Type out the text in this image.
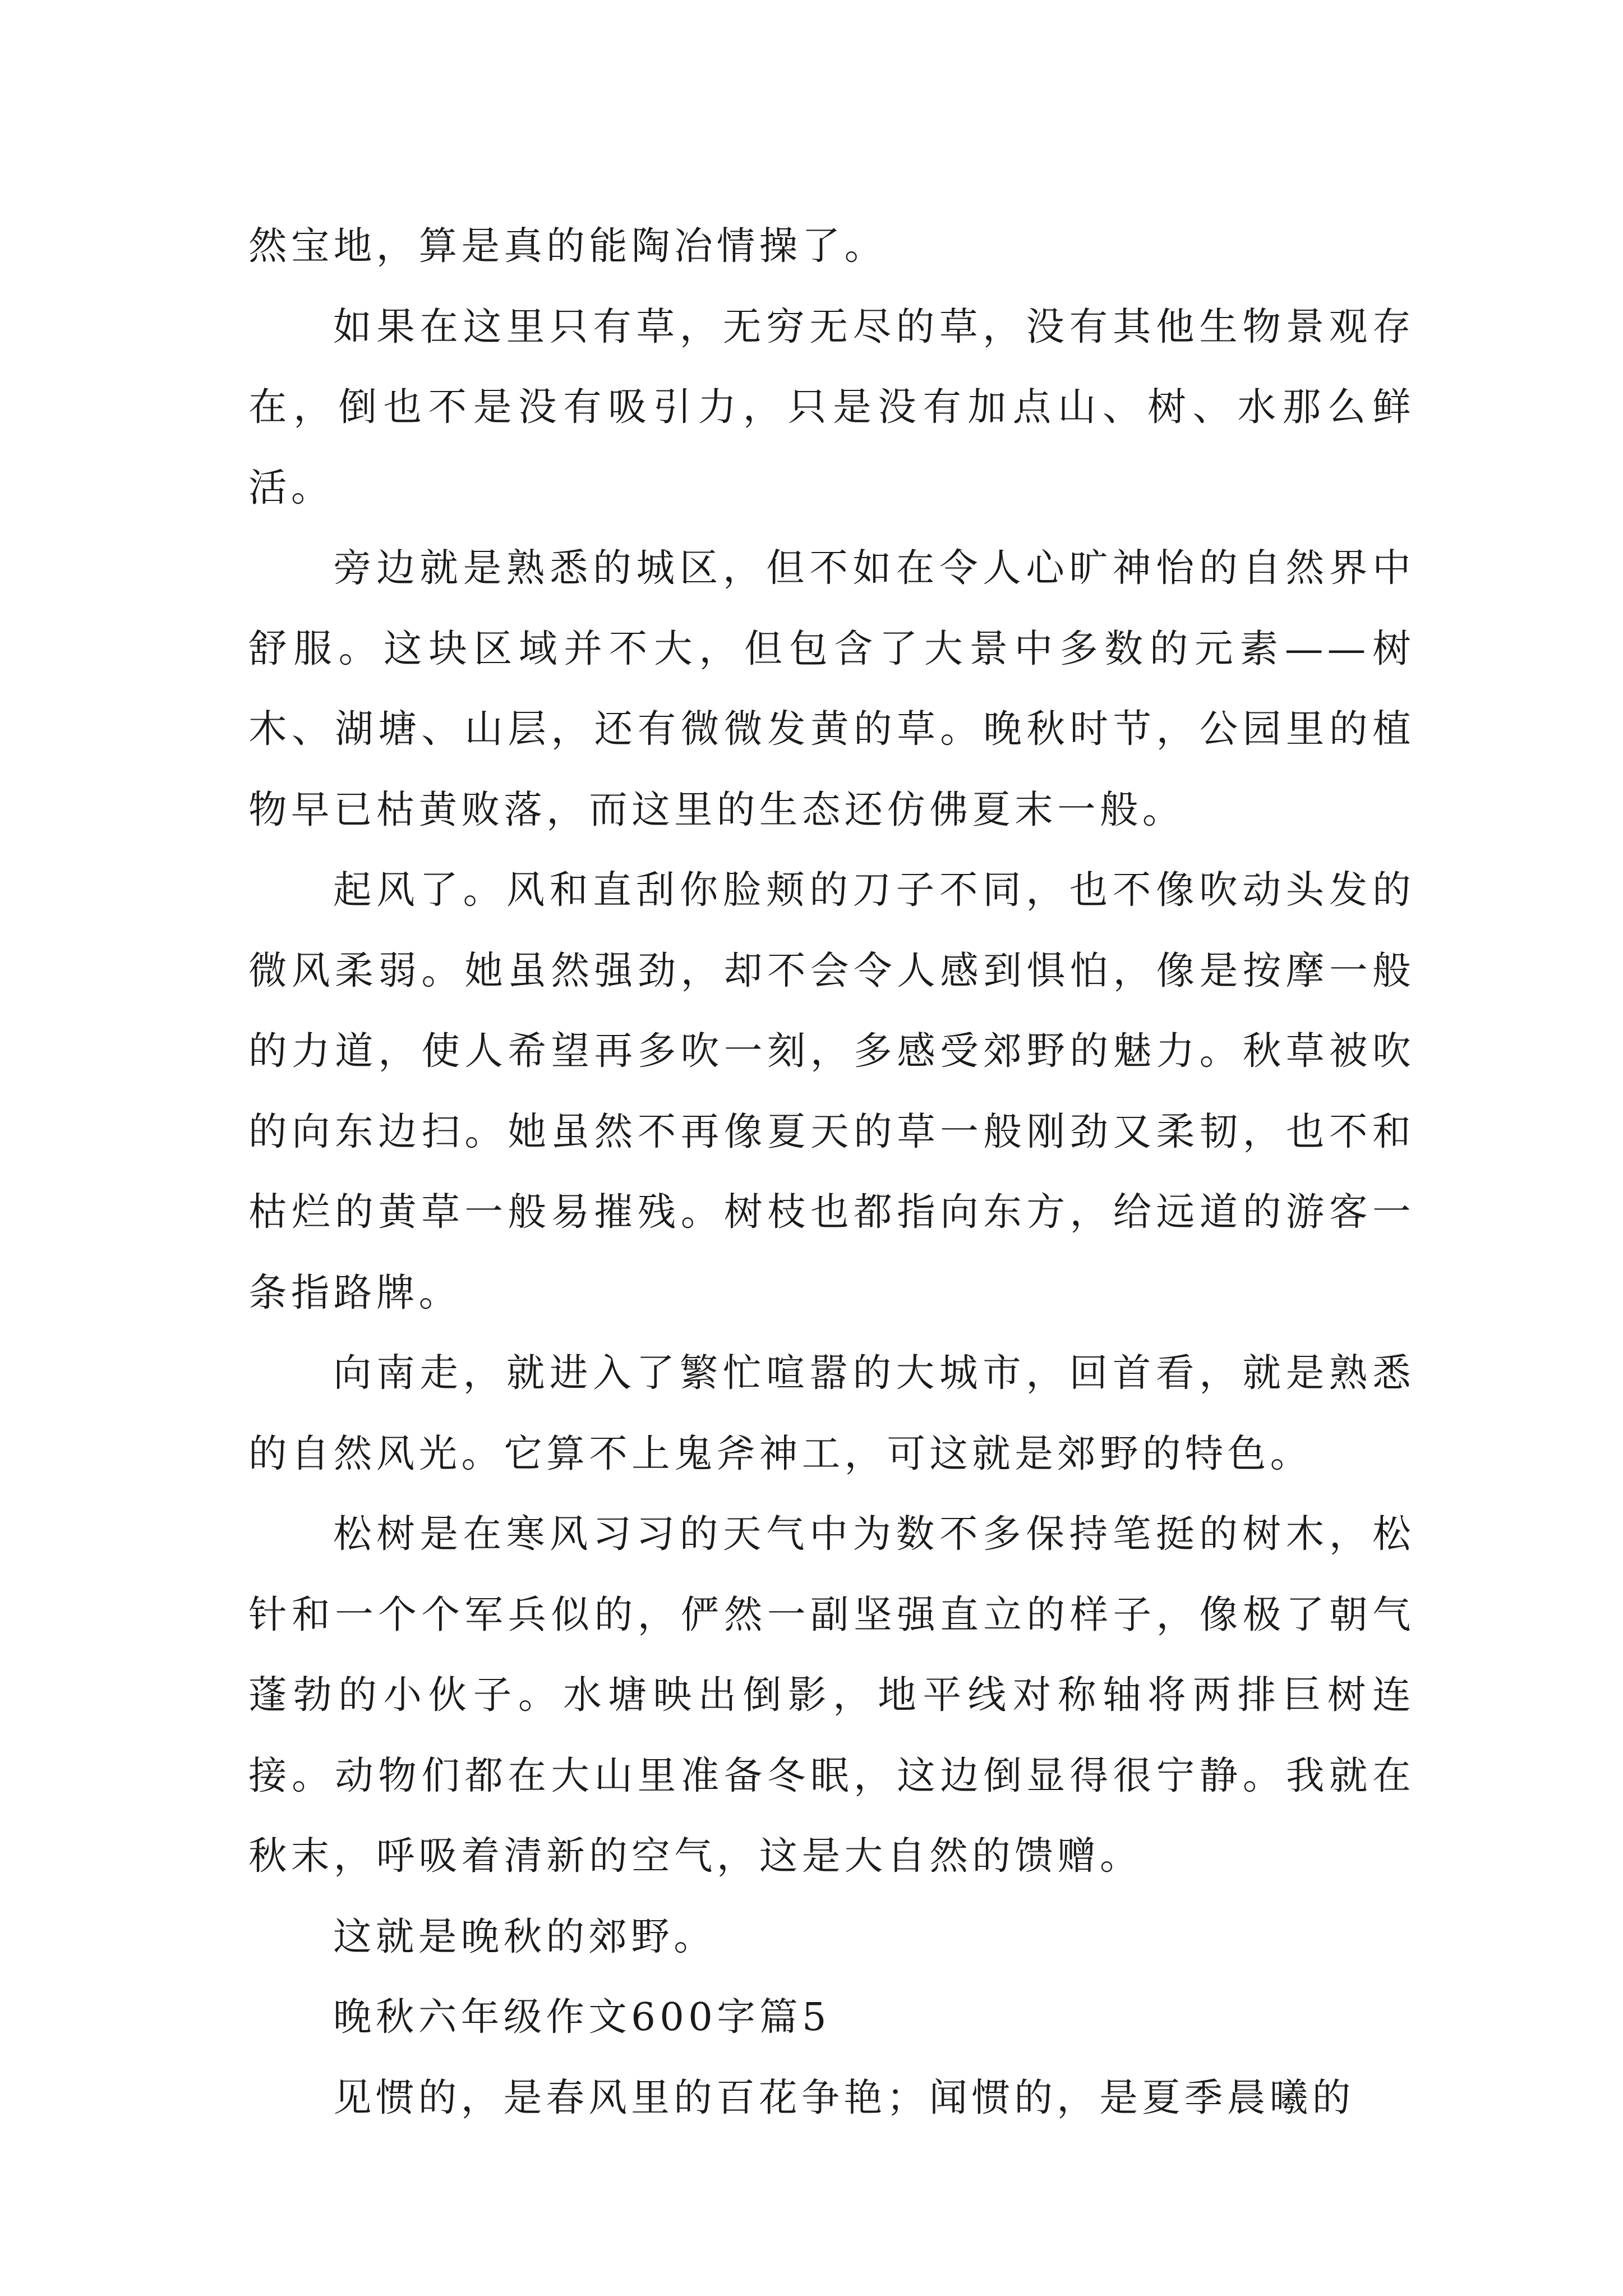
然宝地，算是真的能陶冶情操了。

如果在这里只有草，无穷无尽的草，没有其他生物景观存在，倒也不是没有吸引力，只是没有加点山、树、水那么鲜活。

旁边就是熟悉的城区，但不如在令人心旷神怡的自然界中舒服。这块区域并不大，但包含了大景中多数的元素——树木、湖塘、山层，还有微微发黄的草。晚秋时节，公园里的植物早已枯黄败落，而这里的生态还仿佛夏末一般。

起风了。风和直刮你脸颊的刀子不同，也不像吹动头发的微风柔弱。她虽然强劲，却不会令人感到惧怕，像是按摩一般的力道，使人希望再多吹一刻，多感受郊野的魅力。秋草被吹的向东边扫。她虽然不再像夏天的草一般刚劲又柔韧，也不和枯烂的黄草一般易摧残。树枝也都指向东方，给远道的游客一条指路牌。

向南走，就进入了繁忙喧嚣的大城市，回首看，就是熟悉的自然风光。它算不上鬼斧神工，可这就是郊野的特色。

松树是在寒风习习的天气中为数不多保持笔挺的树木，松针和一个个军兵似的，俨然一副坚强直立的样子，像极了朝气蓬勃的小伙子。水塘映出倒影，地平线对称轴将两排巨树连接。动物们都在大山里准备冬眠，这边倒显得很宁静。我就在秋末，呼吸着清新的空气，这是大自然的馈赠。

这就是晚秋的郊野。

晚秋六年级作文600字篇5

见惯的，是春风里的百花争艳；闻惯的，是夏季晨曦的
